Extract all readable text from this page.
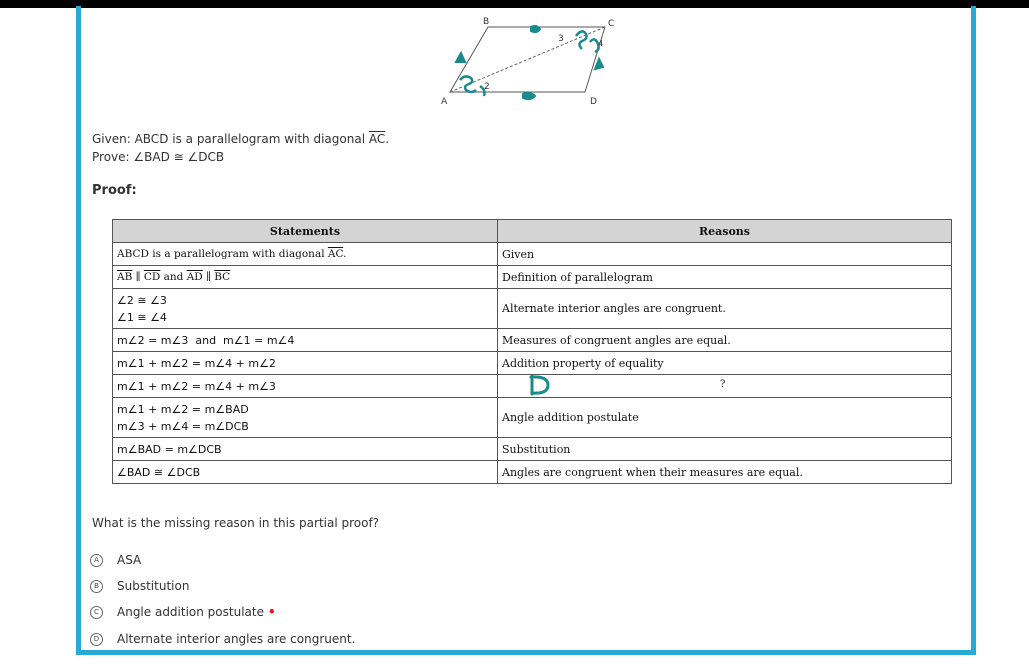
A
B	C
D
3
2
4
Given: ABCD is a parallelogram with diagonal $\overline{AC}$.
Prove: ∠BAD ≅ ∠DCB
Proof:
Statements	Reasons
ABCD is a parallelogram with diagonal $\overline{AC}$.	Given
$\overline{AB}$ ∥ $\overline{CD}$ and $\overline{AD}$ ∥ $\overline{BC}$	Definition of parallelogram

∠2 ≅ ∠3
∠1 ≅ ∠4	Alternate interior angles are congruent.
m∠2 = m∠3  and  m∠1 = m∠4	Measures of congruent angles are equal.
m∠1 + m∠2 = m∠4 + m∠2	Addition property of equality
m∠1 + m∠2 = m∠4 + m∠3	?

m∠1 + m∠2 = m∠BAD
m∠3 + m∠4 = m∠DCB	Angle addition postulate
m∠BAD = m∠DCB	Substitution
∠BAD ≅ ∠DCB	Angles are congruent when their measures are equal.
What is the missing reason in this partial proof?
A	ASA
B	Substitution
C	Angle addition postulate •
D	Alternate interior angles are congruent.
